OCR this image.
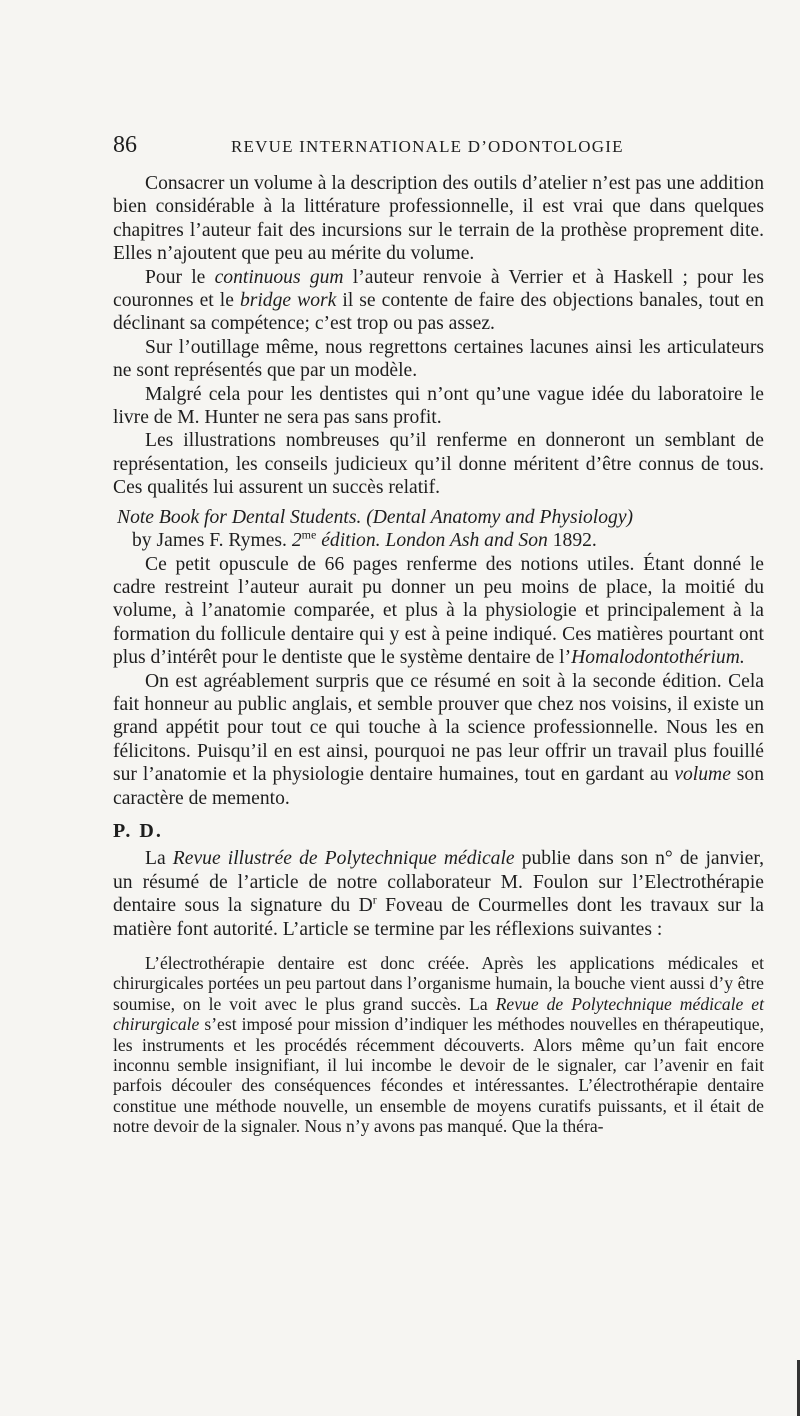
86	REVUE INTERNATIONALE D’ODONTOLOGIE

Consacrer un volume à la description des outils d’atelier n’est pas une addition bien considérable à la littérature professionnelle, il est vrai que dans quelques chapitres l’auteur fait des incursions sur le terrain de la prothèse proprement dite. Elles n’ajoutent que peu au mérite du volume.

Pour le continuous gum l’auteur renvoie à Verrier et à Haskell ; pour les couronnes et le bridge work il se contente de faire des objections banales, tout en déclinant sa compétence; c’est trop ou pas assez.

Sur l’outillage même, nous regrettons certaines lacunes ainsi les articulateurs ne sont représentés que par un modèle.

Malgré cela pour les dentistes qui n’ont qu’une vague idée du laboratoire le livre de M. Hunter ne sera pas sans profit.

Les illustrations nombreuses qu’il renferme en donneront un semblant de représentation, les conseils judicieux qu’il donne méritent d’être connus de tous. Ces qualités lui assurent un succès relatif.

Note Book for Dental Students. (Dental Anatomy and Physiology)

by James F. Rymes. $2^{me}$ édition. London Ash and Son 1892.

Ce petit opuscule de 66 pages renferme des notions utiles. Étant donné le cadre restreint l’auteur aurait pu donner un peu moins de place, la moitié du volume, à l’anatomie comparée, et plus à la physiologie et principalement à la formation du follicule dentaire qui y est à peine indiqué. Ces matières pourtant ont plus d’intérêt pour le dentiste que le système dentaire de l’Homalodontothérium.

On est agréablement surpris que ce résumé en soit à la seconde édition. Cela fait honneur au public anglais, et semble prouver que chez nos voisins, il existe un grand appétit pour tout ce qui touche à la science professionnelle. Nous les en félicitons. Puisqu’il en est ainsi, pourquoi ne pas leur offrir un travail plus fouillé sur l’anatomie et la physiologie dentaire humaines, tout en gardant au volume son caractère de memento.

P. D.

La Revue illustrée de Polytechnique médicale publie dans son n° de janvier, un résumé de l’article de notre collaborateur M. Foulon sur l’Electrothérapie dentaire sous la signature du $D^r$ Foveau de Courmelles dont les travaux sur la matière font autorité. L’article se termine par les réflexions suivantes :

L’électrothérapie dentaire est donc créée. Après les applications médicales et chirurgicales portées un peu partout dans l’organisme humain, la bouche vient aussi d’y être soumise, on le voit avec le plus grand succès. La Revue de Polytechnique médicale et chirurgicale s’est imposé pour mission d’indiquer les méthodes nouvelles en thérapeutique, les instruments et les procédés récemment découverts. Alors même qu’un fait encore inconnu semble insignifiant, il lui incombe le devoir de le signaler, car l’avenir en fait parfois découler des conséquences fécondes et intéressantes. L’électrothérapie dentaire constitue une méthode nouvelle, un ensemble de moyens curatifs puissants, et il était de notre devoir de la signaler. Nous n’y avons pas manqué. Que la théra-
